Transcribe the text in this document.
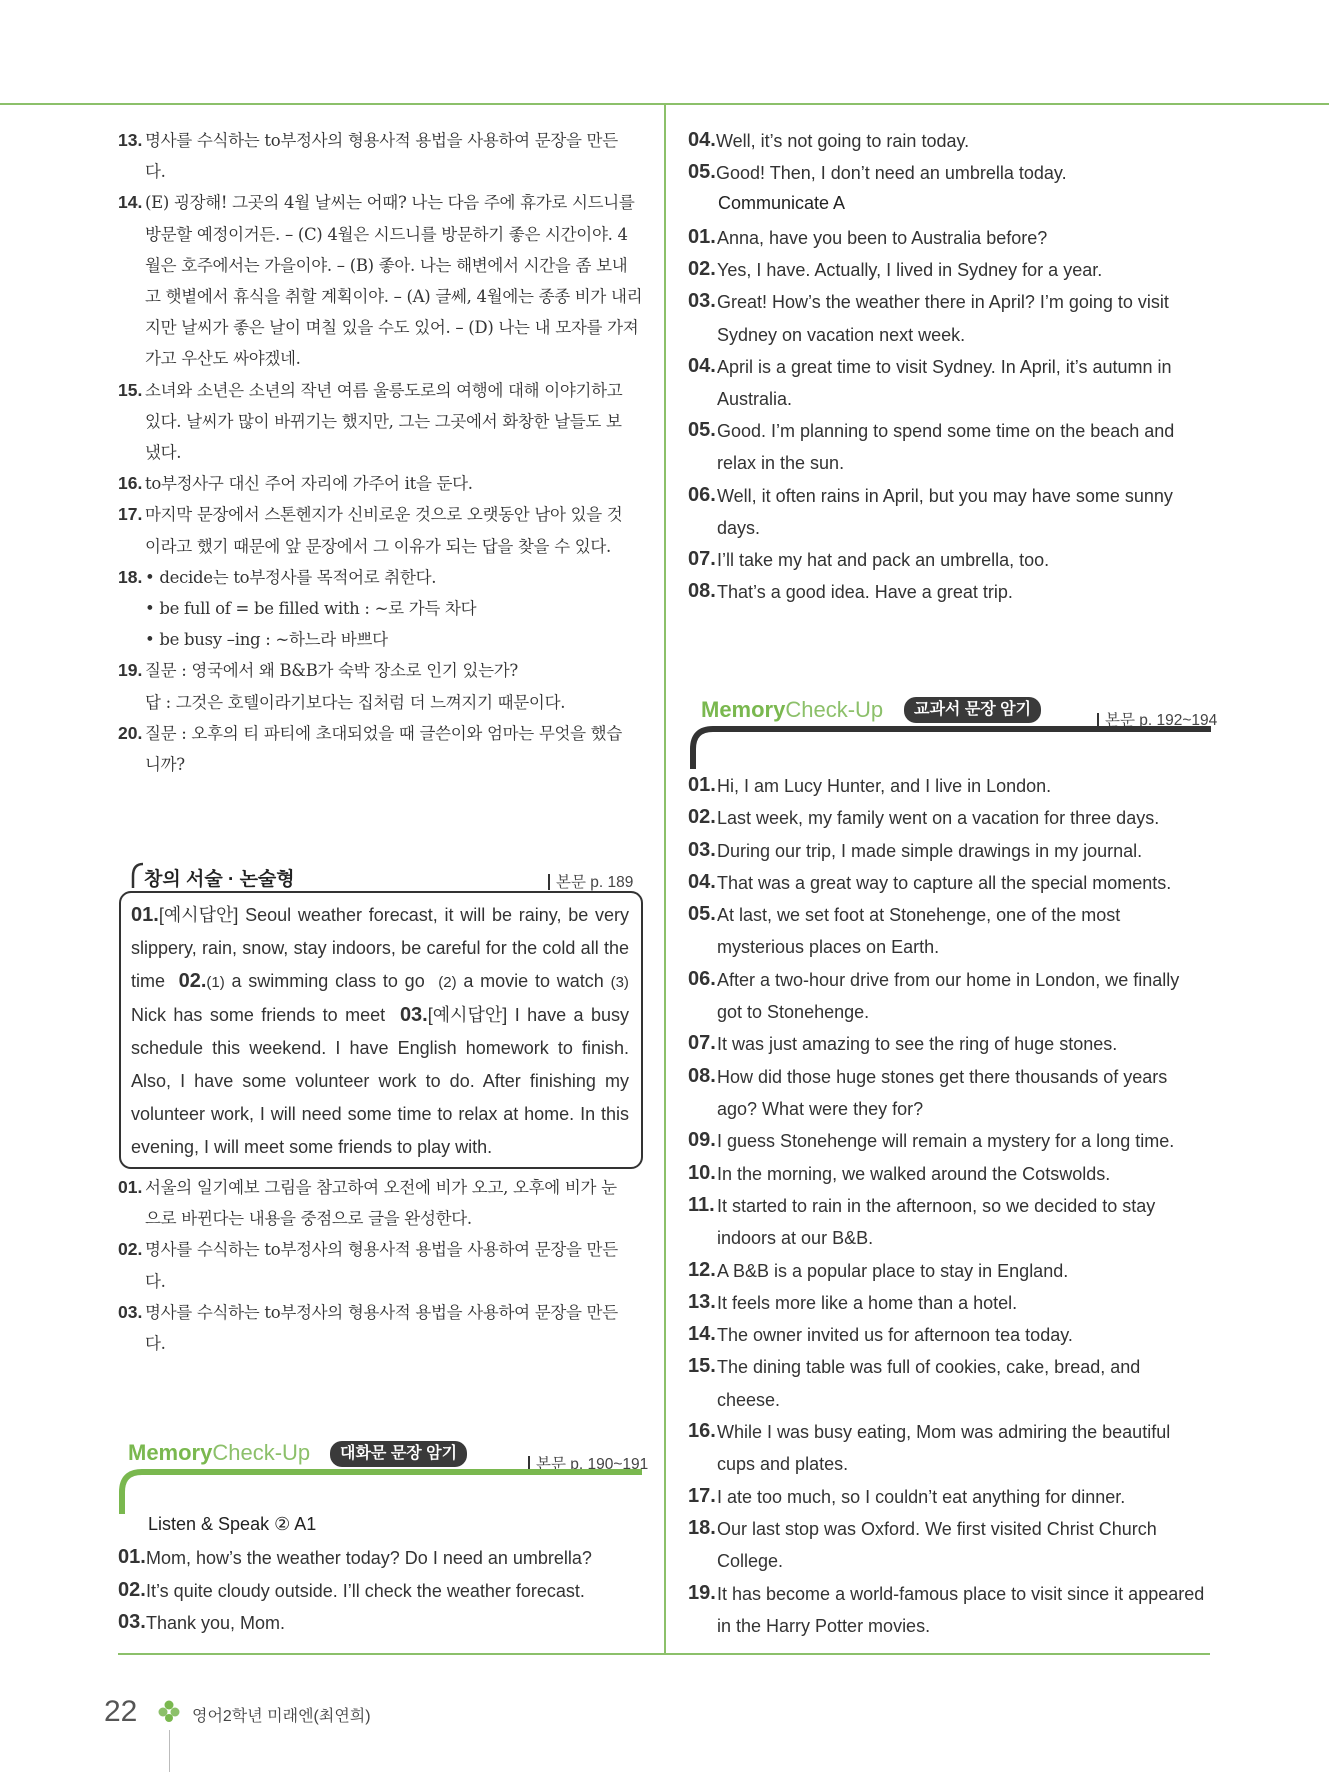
13. 명사를 수식하는 to부정사의 형용사적 용법을 사용하여 문장을 만든
다.
14. (E) 굉장해! 그곳의 4월 날씨는 어때? 나는 다음 주에 휴가로 시드니를
방문할 예정이거든. – (C) 4월은 시드니를 방문하기 좋은 시간이야. 4
월은 호주에서는 가을이야. – (B) 좋아. 나는 해변에서 시간을 좀 보내
고 햇볕에서 휴식을 취할 계획이야. – (A) 글쎄, 4월에는 종종 비가 내리
지만 날씨가 좋은 날이 며칠 있을 수도 있어. – (D) 나는 내 모자를 가져
가고 우산도 싸야겠네.
15. 소녀와 소년은 소년의 작년 여름 울릉도로의 여행에 대해 이야기하고
있다. 날씨가 많이 바뀌기는 했지만, 그는 그곳에서 화창한 날들도 보
냈다.
16. to부정사구 대신 주어 자리에 가주어 it을 둔다.
17. 마지막 문장에서 스톤헨지가 신비로운 것으로 오랫동안 남아 있을 것
이라고 했기 때문에 앞 문장에서 그 이유가 되는 답을 찾을 수 있다.
18. • decide는 to부정사를 목적어로 취한다.
• be full of = be filled with : ~로 가득 차다
• be busy –ing : ~하느라 바쁘다
19. 질문 : 영국에서 왜 B&B가 숙박 장소로 인기 있는가?
답 : 그것은 호텔이라기보다는 집처럼 더 느껴지기 때문이다.
20. 질문 : 오후의 티 파티에 초대되었을 때 글쓴이와 엄마는 무엇을 했습
니까?
창의 서술 · 논술형	본문 p. 189
01.[예시답안] Seoul weather forecast, it will be rainy, be very slippery, rain, snow, stay indoors, be careful for the cold all the time 02.(1) a swimming class to go (2) a movie to watch (3) Nick has some friends to meet 03.[예시답안] I have a busy schedule this weekend. I have English homework to finish. Also, I have some volunteer work to do. After finishing my volunteer work, I will need some time to relax at home. In this evening, I will meet some friends to play with.
01. 서울의 일기예보 그림을 참고하여 오전에 비가 오고, 오후에 비가 눈
으로 바뀐다는 내용을 중점으로 글을 완성한다.
02. 명사를 수식하는 to부정사의 형용사적 용법을 사용하여 문장을 만든
다.
03. 명사를 수식하는 to부정사의 형용사적 용법을 사용하여 문장을 만든
다.
MemoryCheck-Up	대화문 문장 암기
본문 p. 190~191
Listen & Speak ② A1
01. Mom, how’s the weather today? Do I need an umbrella?
02. It’s quite cloudy outside. I’ll check the weather forecast.
03. Thank you, Mom.
04. Well, it’s not going to rain today.
05. Good! Then, I don’t need an umbrella today.
Communicate A
01. Anna, have you been to Australia before?
02. Yes, I have. Actually, I lived in Sydney for a year.
03. Great! How’s the weather there in April? I’m going to visit
Sydney on vacation next week.
04. April is a great time to visit Sydney. In April, it’s autumn in
Australia.
05. Good. I’m planning to spend some time on the beach and
relax in the sun.
06. Well, it often rains in April, but you may have some sunny
days.
07. I’ll take my hat and pack an umbrella, too.
08. That’s a good idea. Have a great trip.
MemoryCheck-Up	교과서 문장 암기
본문 p. 192~194
01. Hi, I am Lucy Hunter, and I live in London.
02. Last week, my family went on a vacation for three days.
03. During our trip, I made simple drawings in my journal.
04. That was a great way to capture all the special moments.
05. At last, we set foot at Stonehenge, one of the most
mysterious places on Earth.
06. After a two-hour drive from our home in London, we finally
got to Stonehenge.
07. It was just amazing to see the ring of huge stones.
08. How did those huge stones get there thousands of years
ago? What were they for?
09. I guess Stonehenge will remain a mystery for a long time.
10. In the morning, we walked around the Cotswolds.
11. It started to rain in the afternoon, so we decided to stay
indoors at our B&B.
12. A B&B is a popular place to stay in England.
13. It feels more like a home than a hotel.
14. The owner invited us for afternoon tea today.
15. The dining table was full of cookies, cake, bread, and
cheese.
16. While I was busy eating, Mom was admiring the beautiful
cups and plates.
17. I ate too much, so I couldn’t eat anything for dinner.
18. Our last stop was Oxford. We first visited Christ Church
College.
19. It has become a world-famous place to visit since it appeared
in the Harry Potter movies.
22	영어2학년 미래엔(최연희)
